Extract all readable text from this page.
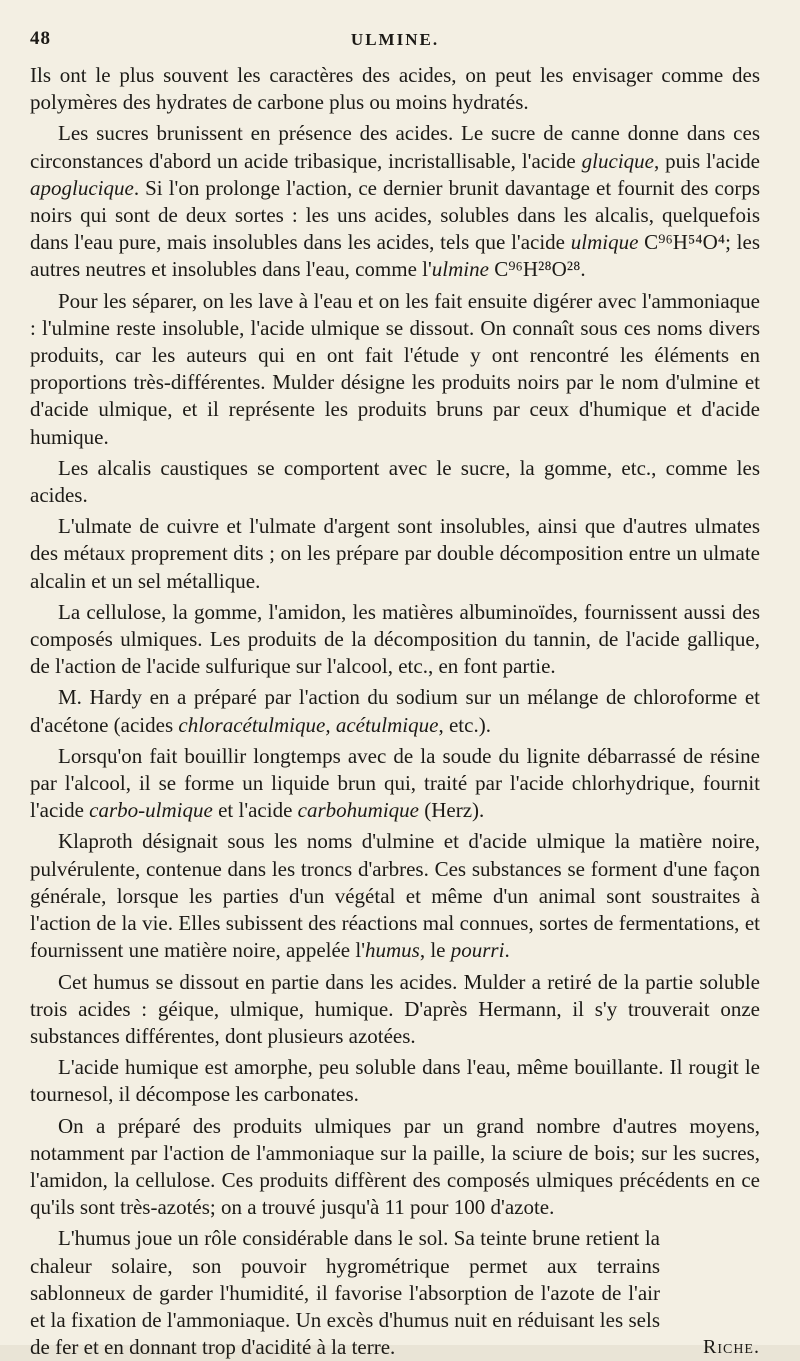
48	ULMINE.

Ils ont le plus souvent les caractères des acides, on peut les envisager comme des polymères des hydrates de carbone plus ou moins hydratés.

Les sucres brunissent en présence des acides. Le sucre de canne donne dans ces circonstances d'abord un acide tribasique, incristallisable, l'acide glucique, puis l'acide apoglucique. Si l'on prolonge l'action, ce dernier brunit davantage et fournit des corps noirs qui sont de deux sortes : les uns acides, solubles dans les alcalis, quelquefois dans l'eau pure, mais insolubles dans les acides, tels que l'acide ulmique C⁹⁶H⁵⁴O⁴; les autres neutres et insolubles dans l'eau, comme l'ulmine C⁹⁶H²⁸O²⁸.

Pour les séparer, on les lave à l'eau et on les fait ensuite digérer avec l'ammoniaque : l'ulmine reste insoluble, l'acide ulmique se dissout. On connaît sous ces noms divers produits, car les auteurs qui en ont fait l'étude y ont rencontré les éléments en proportions très-différentes. Mulder désigne les produits noirs par le nom d'ulmine et d'acide ulmique, et il représente les produits bruns par ceux d'humique et d'acide humique.

Les alcalis caustiques se comportent avec le sucre, la gomme, etc., comme les acides.

L'ulmate de cuivre et l'ulmate d'argent sont insolubles, ainsi que d'autres ulmates des métaux proprement dits ; on les prépare par double décomposition entre un ulmate alcalin et un sel métallique.

La cellulose, la gomme, l'amidon, les matières albuminoïdes, fournissent aussi des composés ulmiques. Les produits de la décomposition du tannin, de l'acide gallique, de l'action de l'acide sulfurique sur l'alcool, etc., en font partie.

M. Hardy en a préparé par l'action du sodium sur un mélange de chloroforme et d'acétone (acides chloracétulmique, acétulmique, etc.).

Lorsqu'on fait bouillir longtemps avec de la soude du lignite débarrassé de résine par l'alcool, il se forme un liquide brun qui, traité par l'acide chlorhydrique, fournit l'acide carbo-ulmique et l'acide carbohumique (Herz).

Klaproth désignait sous les noms d'ulmine et d'acide ulmique la matière noire, pulvérulente, contenue dans les troncs d'arbres. Ces substances se forment d'une façon générale, lorsque les parties d'un végétal et même d'un animal sont soustraites à l'action de la vie. Elles subissent des réactions mal connues, sortes de fermentations, et fournissent une matière noire, appelée l'humus, le pourri.

Cet humus se dissout en partie dans les acides. Mulder a retiré de la partie soluble trois acides : géique, ulmique, humique. D'après Hermann, il s'y trouverait onze substances différentes, dont plusieurs azotées.

L'acide humique est amorphe, peu soluble dans l'eau, même bouillante. Il rougit le tournesol, il décompose les carbonates.

On a préparé des produits ulmiques par un grand nombre d'autres moyens, notamment par l'action de l'ammoniaque sur la paille, la sciure de bois; sur les sucres, l'amidon, la cellulose. Ces produits diffèrent des composés ulmiques précédents en ce qu'ils sont très-azotés; on a trouvé jusqu'à 11 pour 100 d'azote.

L'humus joue un rôle considérable dans le sol. Sa teinte brune retient la chaleur solaire, son pouvoir hygrométrique permet aux terrains sablonneux de garder l'humidité, il favorise l'absorption de l'azote de l'air et la fixation de l'ammoniaque. Un excès d'humus nuit en réduisant les sels de fer et en donnant trop d'acidité à la terre.	Riche.
